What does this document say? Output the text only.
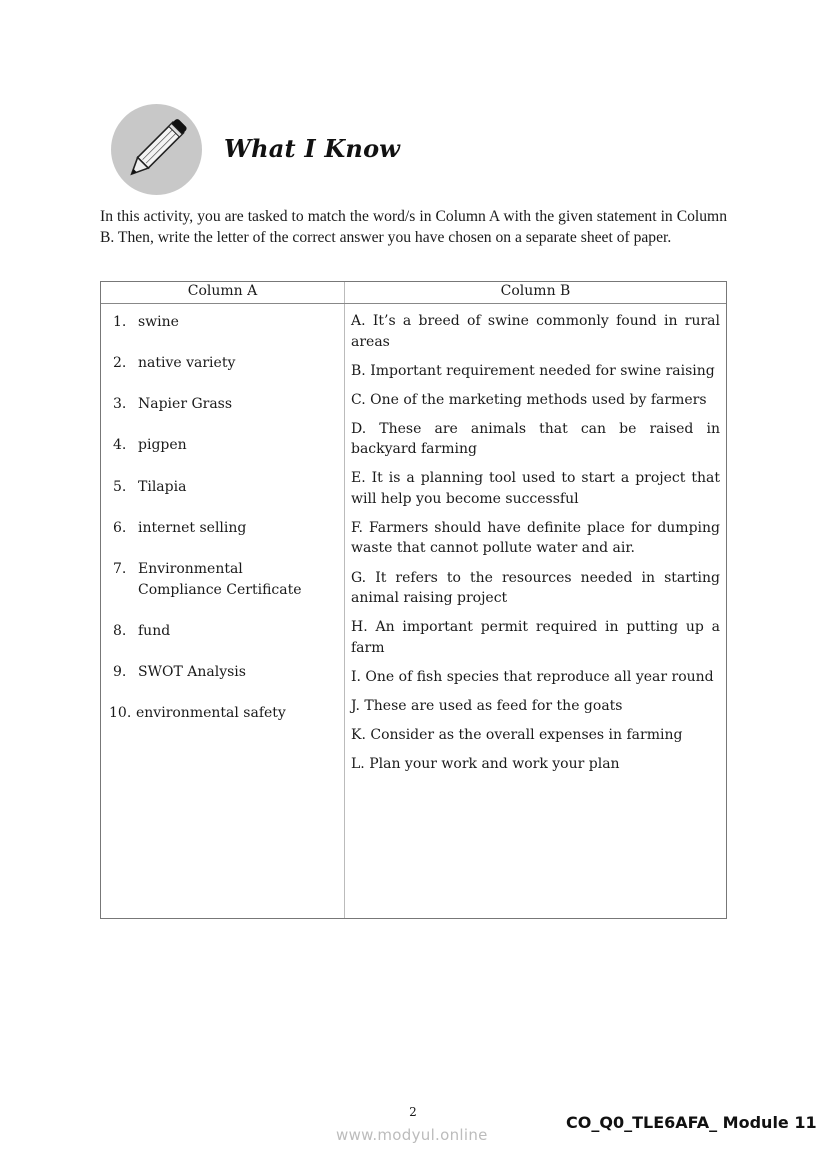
What I Know

In this activity, you are tasked to match the word/s in Column A with the given statement in Column B. Then, write the letter of the correct answer you have chosen on a separate sheet of paper.

Column A	Column B
1. swine
2. native variety
3. Napier Grass
4. pigpen
5. Tilapia
6. internet selling
7. Environmental Compliance Certificate
8. fund
9. SWOT Analysis
10. environmental safety
A. It’s a breed of swine commonly found in rural areas
B. Important requirement needed for swine raising
C. One of the marketing methods used by farmers
D. These are animals that can be raised in backyard farming
E. It is a planning tool used to start a project that will help you become successful
F. Farmers should have definite place for dumping waste that cannot pollute water and air.
G. It refers to the resources needed in starting animal raising project
H. An important permit required in putting up a farm
I. One of fish species that reproduce all year round
J. These are used as feed for the goats
K. Consider as the overall expenses in farming
L. Plan your work and work your plan
2
www.modyul.online
CO_Q0_TLE6AFA_ Module 11
